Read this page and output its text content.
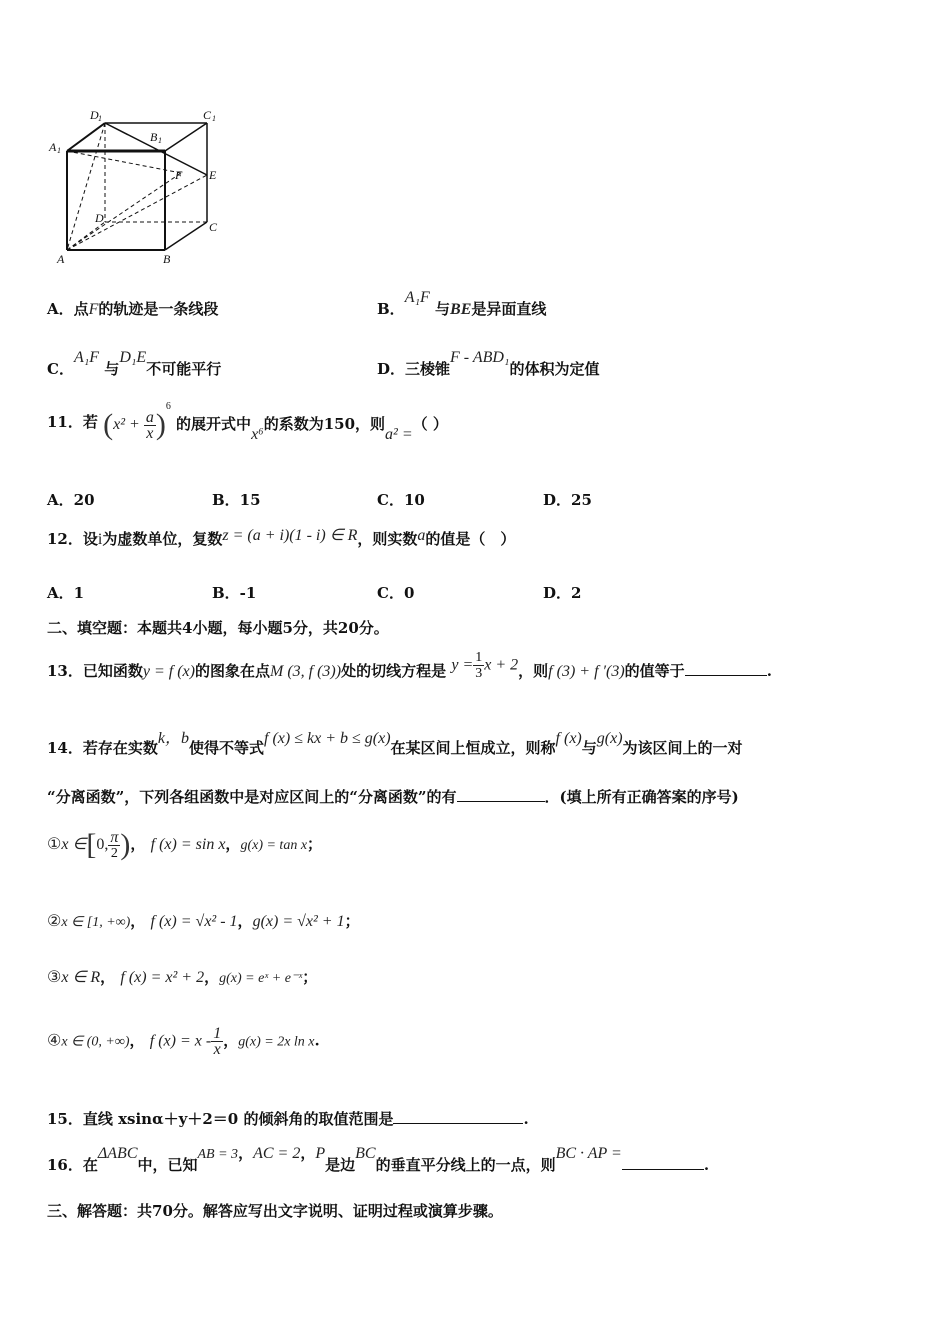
D 1	C 1
A 1
B 1
F E
D
C
A	B
A．点F的轨迹是一条线段	B．A₁F 与BE是异面直线
C．A₁F 与D₁E不可能平行	D．三棱锥F - ABD₁的体积为定值
11．若 $(x^2 + \frac{a}{x} )^6$ 的展开式中x⁶的系数为150，则a² =（ ）
A．20	B．15	C．10	D．25
12．设i为虚数单位，复数z = (a + i)(1 - i) ∈ R，则实数a的值是（　）
A．1	B．-1	C．0	D．2
二、填空题：本题共4小题，每小题5分，共20分。
13．已知函数y = f (x)的图象在点M (3, f (3))处的切线方程是 $y = \frac{1}{3}$ x + 2，则f (3) + f ′(3)的值等于	.
14．若存在实数k，b使得不等式f (x) ≤ kx + b ≤ g(x)在某区间上恒成立，则称f (x)与g(x)为该区间上的一对
“分离函数”，下列各组函数中是对应区间上的“分离函数”的有	．(填上所有正确答案的序号)
①x ∈[0, $\frac{\pi}{2}$ )， f (x) = sin x，g(x) = tan x；
②x ∈ [1, +∞)， f (x) = √x² - 1，g(x) = √x² + 1；
③x ∈ R， f (x) = x² + 2，g(x) = eˣ + e⁻ˣ；
④x ∈ (0, +∞)， f $(x) = x - \frac{1}{x}$ ，g(x) = 2x ln x.
15．直线 xsinα＋y＋2＝0 的倾斜角的取值范围是	.
16．在ΔABC中，已知AB = 3，AC = 2，P是边BC的垂直平分线上的一点，则BC · AP =.
三、解答题：共70分。解答应写出文字说明、证明过程或演算步骤。
